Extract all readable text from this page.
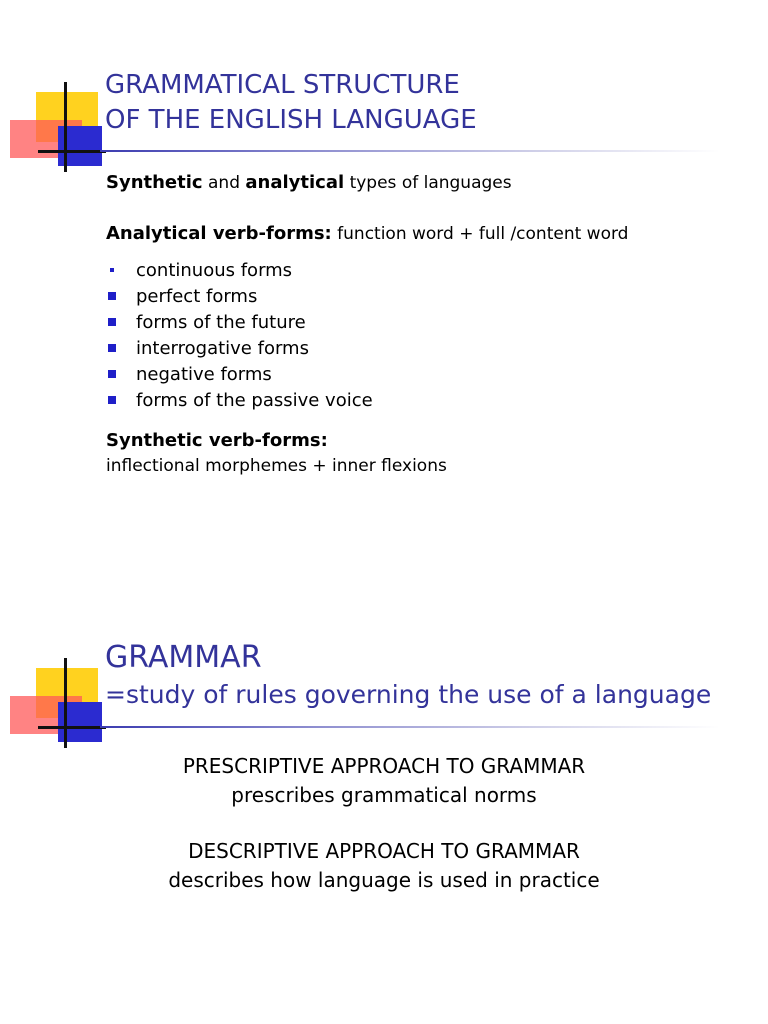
GRAMMATICAL STRUCTURE
OF THE ENGLISH LANGUAGE
Synthetic and analytical types of languages
Analytical verb-forms: function word + full /content word
continuous forms
perfect forms
forms of the future
interrogative forms
negative forms
forms of the passive voice
Synthetic verb-forms:
inflectional morphemes + inner flexions
GRAMMAR
=study of rules governing the use of a language
PRESCRIPTIVE APPROACH TO GRAMMAR
prescribes grammatical norms
DESCRIPTIVE APPROACH TO GRAMMAR
describes how language is used in practice
